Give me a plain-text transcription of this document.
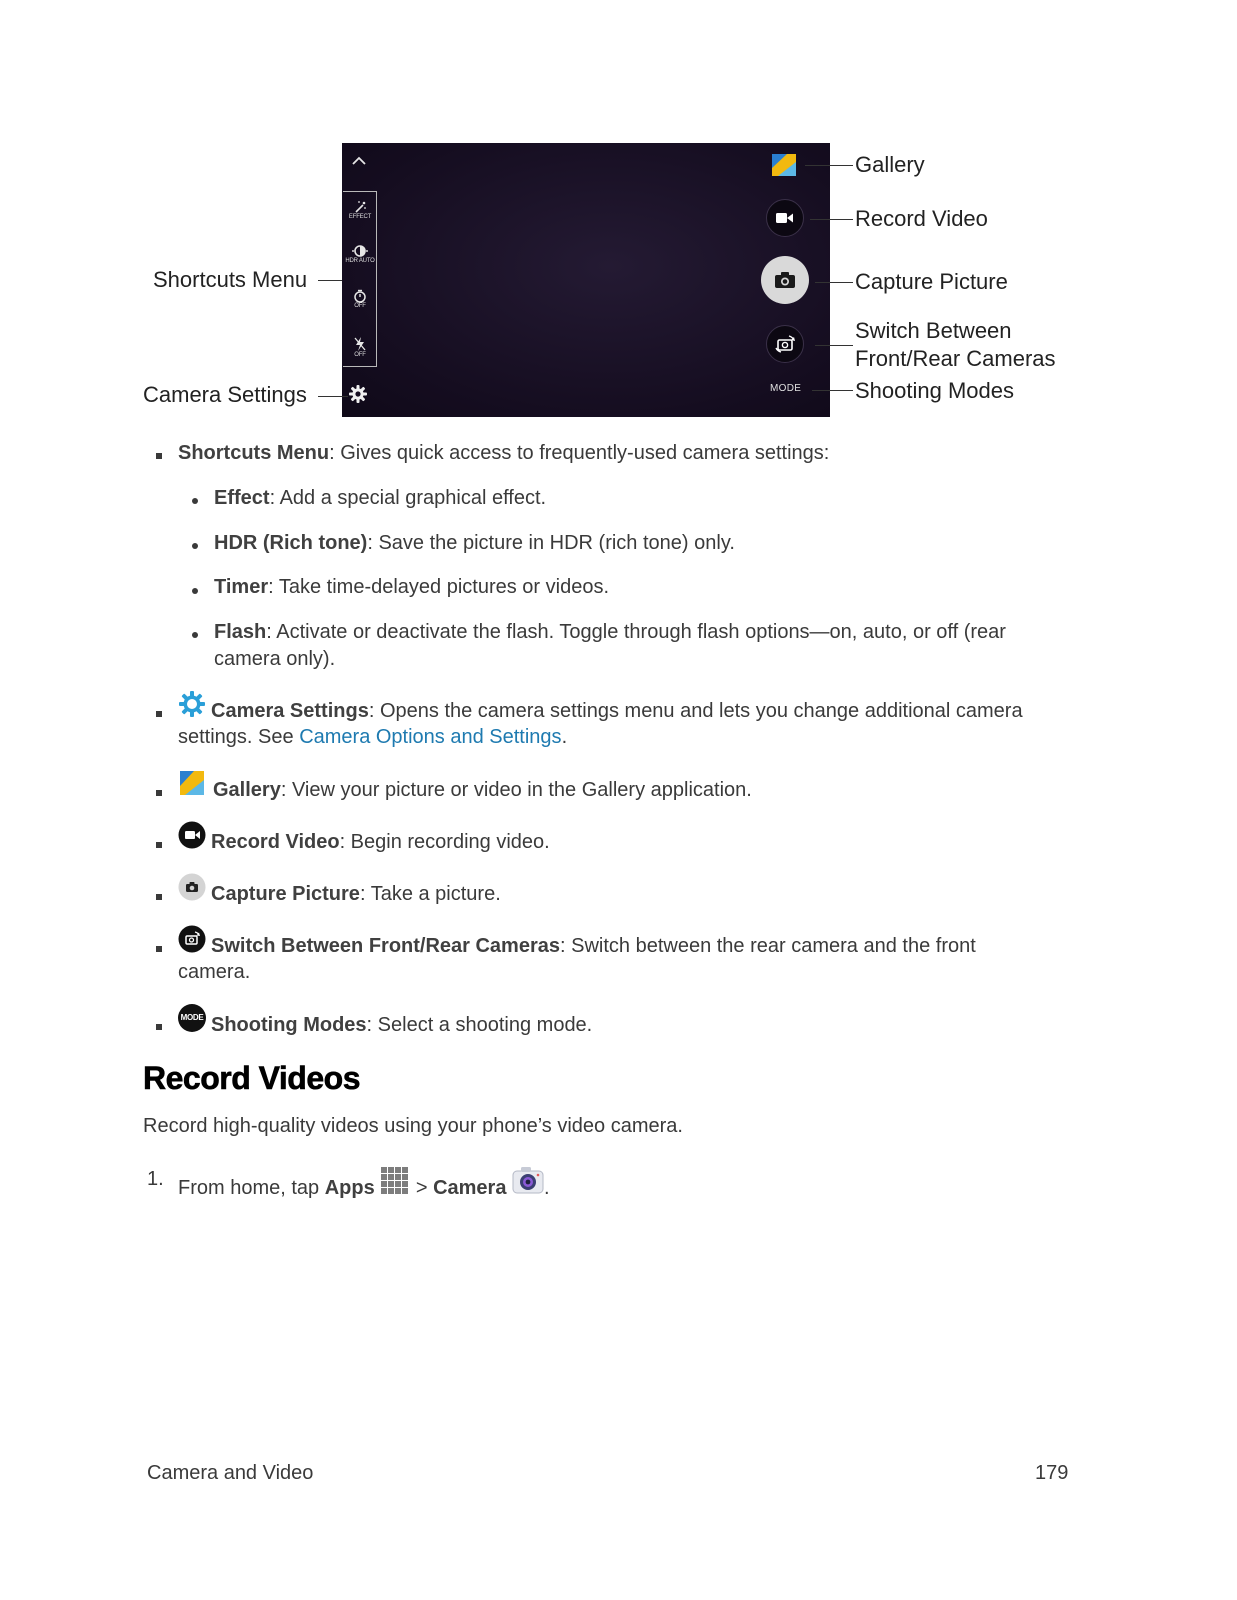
EFFECT
HDR AUTO
OFF
OFF
MODE
Shortcuts Menu
Camera Settings
Gallery
Record Video
Capture Picture
Switch Between
Front/Rear Cameras
Shooting Modes
Shortcuts Menu: Gives quick access to frequently-used camera settings:
Effect: Add a special graphical effect.
HDR (Rich tone): Save the picture in HDR (rich tone) only.
Timer: Take time-delayed pictures or videos.
Flash: Activate or deactivate the flash. Toggle through flash options—on, auto, or off (rear
camera only).
Camera Settings: Opens the camera settings menu and lets you change additional camera
settings. See Camera Options and Settings.
Gallery: View your picture or video in the Gallery application.
Record Video: Begin recording video.
Capture Picture: Take a picture.
Switch Between Front/Rear Cameras: Switch between the rear camera and the front
camera.
MODE Shooting Modes: Select a shooting mode.
Record Videos
Record high-quality videos using your phone’s video camera.
1. From home, tap Apps  > Camera .
Camera and Video	179
